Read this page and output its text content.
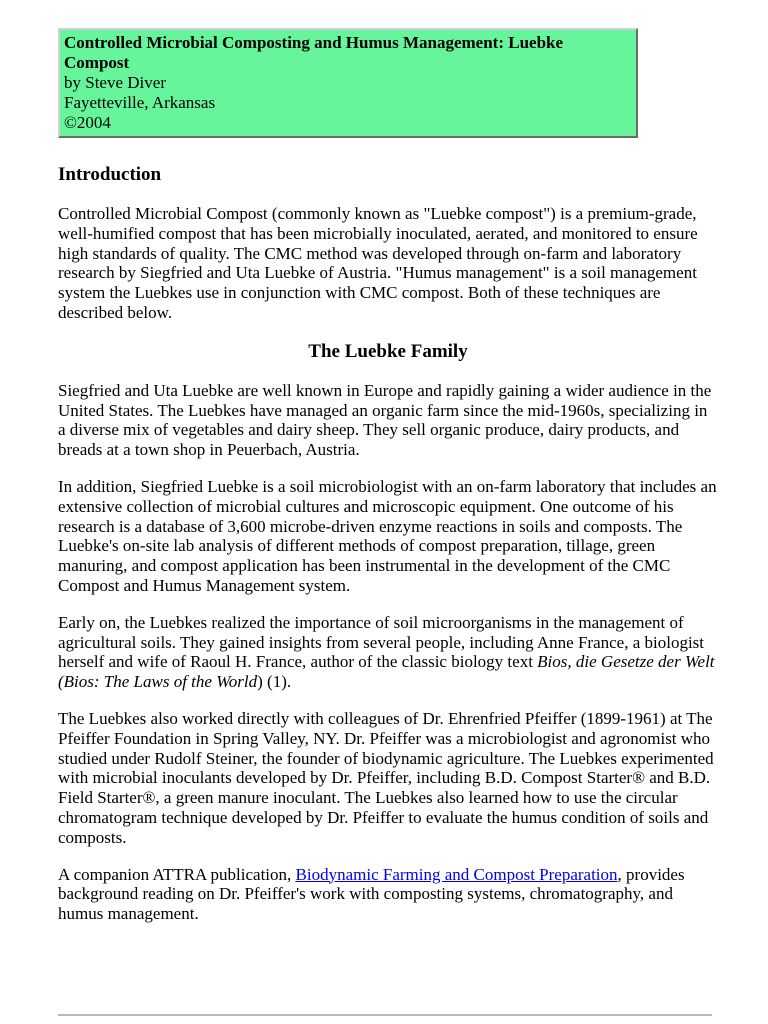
Controlled Microbial Composting and Humus Management: Luebke Compost
by Steve Diver
Fayetteville, Arkansas
©2004
Introduction

Controlled Microbial Compost (commonly known as "Luebke compost") is a premium-grade, well-humified compost that has been microbially inoculated, aerated, and monitored to ensure high standards of quality. The CMC method was developed through on-farm and laboratory research by Siegfried and Uta Luebke of Austria. "Humus management" is a soil management system the Luebkes use in conjunction with CMC compost. Both of these techniques are described below.

The Luebke Family

Siegfried and Uta Luebke are well known in Europe and rapidly gaining a wider audience in the United States. The Luebkes have managed an organic farm since the mid-1960s, specializing in a diverse mix of vegetables and dairy sheep. They sell organic produce, dairy products, and breads at a town shop in Peuerbach, Austria.

In addition, Siegfried Luebke is a soil microbiologist with an on-farm laboratory that includes an extensive collection of microbial cultures and microscopic equipment. One outcome of his research is a database of 3,600 microbe-driven enzyme reactions in soils and composts. The Luebke's on-site lab analysis of different methods of compost preparation, tillage, green manuring, and compost application has been instrumental in the development of the CMC Compost and Humus Management system.

Early on, the Luebkes realized the importance of soil microorganisms in the management of agricultural soils. They gained insights from several people, including Anne France, a biologist herself and wife of Raoul H. France, author of the classic biology text Bios, die Gesetze der Welt (Bios: The Laws of the World) (1).

The Luebkes also worked directly with colleagues of Dr. Ehrenfried Pfeiffer (1899-1961) at The Pfeiffer Foundation in Spring Valley, NY. Dr. Pfeiffer was a microbiologist and agronomist who studied under Rudolf Steiner, the founder of biodynamic agriculture. The Luebkes experimented with microbial inoculants developed by Dr. Pfeiffer, including B.D. Compost Starter® and B.D. Field Starter®, a green manure inoculant. The Luebkes also learned how to use the circular chromatogram technique developed by Dr. Pfeiffer to evaluate the humus condition of soils and composts.

A companion ATTRA publication, Biodynamic Farming and Compost Preparation, provides background reading on Dr. Pfeiffer's work with composting systems, chromatography, and humus management.
